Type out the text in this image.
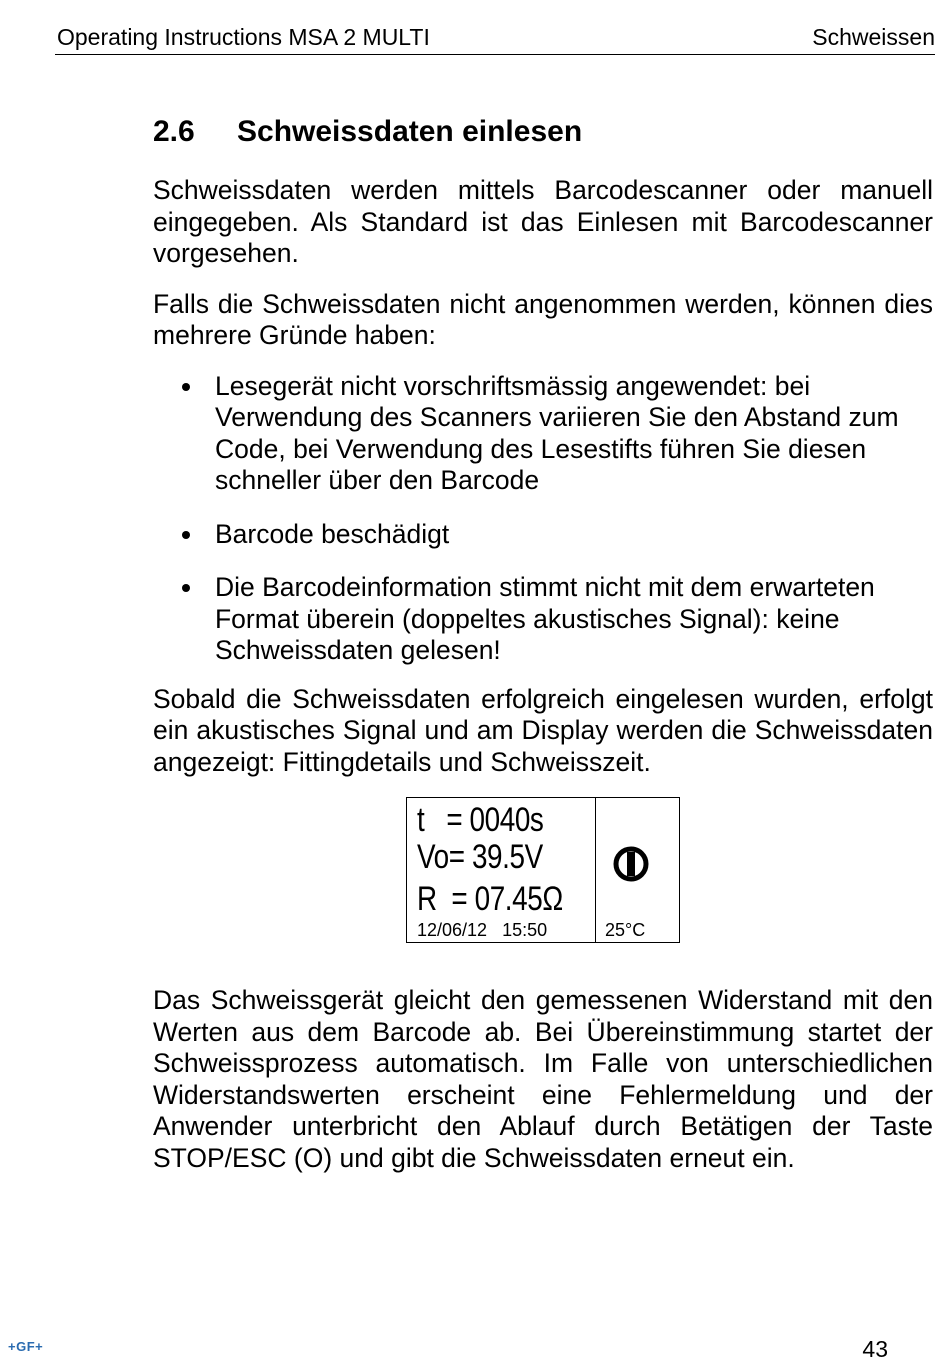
Operating Instructions MSA 2 MULTI	Schweissen
2.6	Schweissdaten einlesen

Schweissdaten werden mittels Barcodescanner oder manuell eingegeben. Als Standard ist das Einlesen mit Barcodescanner vorgesehen.

Falls die Schweissdaten nicht angenommen werden, können dies mehrere Gründe haben:

Lesegerät nicht vorschriftsmässig angewendet: bei Verwendung des Scanners variieren Sie den Abstand zum Code, bei Verwendung des Lesestifts führen Sie diesen schneller über den Barcode
Barcode beschädigt
Die Barcodeinformation stimmt nicht mit dem erwarteten Format überein (doppeltes akustisches Signal): keine Schweissdaten gelesen!

Sobald die Schweissdaten erfolgreich eingelesen wurden, erfolgt ein akustisches Signal und am Display werden die Schweissdaten angezeigt: Fittingdetails und Schweisszeit.

t   = 0040s
Vo= 39.5V
R  = 07.45Ω
12/06/12   15:50	25°C

Das Schweissgerät gleicht den gemessenen Widerstand mit den Werten aus dem Barcode ab. Bei Übereinstimmung startet der Schweissprozess automatisch. Im Falle von unterschiedlichen Widerstandswerten erscheint eine Fehlermeldung und der Anwender unterbricht den Ablauf durch Betätigen der Taste STOP/ESC (O) und gibt die Schweissdaten erneut ein.

+GF+	43
